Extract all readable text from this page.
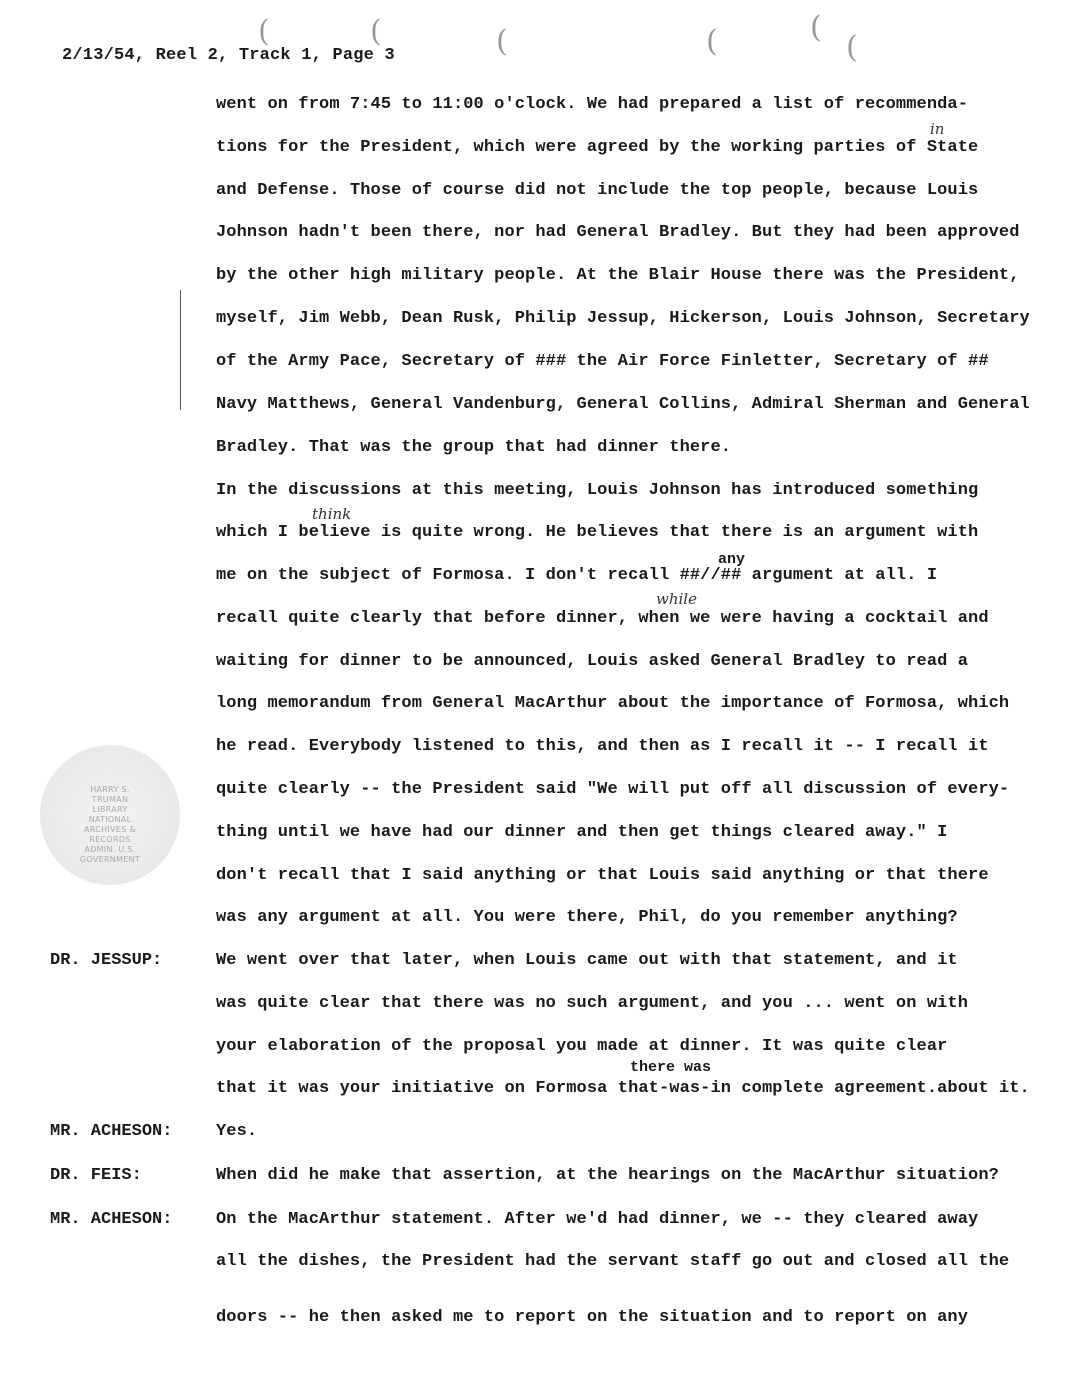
(	(	(	(	(
(
2/13/54, Reel 2, Track 1, Page 3
went on from 7:45 to 11:00 o'clock. We had prepared a list of recommenda-
tions for the President, which were agreed by the working parties of State
and Defense. Those of course did not include the top people, because Louis
Johnson hadn't been there, nor had General Bradley. But they had been approved
by the other high military people. At the Blair House there was the President,
myself, Jim Webb, Dean Rusk, Philip Jessup, Hickerson, Louis Johnson, Secretary
of the Army Pace, Secretary of ### the Air Force Finletter, Secretary of ##
Navy Matthews, General Vandenburg, General Collins, Admiral Sherman and General
Bradley. That was the group that had dinner there.
In the discussions at this meeting, Louis Johnson has introduced something
which I believe is quite wrong. He believes that there is an argument with
me on the subject of Formosa. I don't recall ##//## argument at all. I
recall quite clearly that before dinner, when we were having a cocktail and
waiting for dinner to be announced, Louis asked General Bradley to read a
long memorandum from General MacArthur about the importance of Formosa, which
he read. Everybody listened to this, and then as I recall it -- I recall it
quite clearly -- the President said "We will put off all discussion of every-
thing until we have had our dinner and then get things cleared away." I
don't recall that I said anything or that Louis said anything or that there
was any argument at all. You were there, Phil, do you remember anything?
in
think
any
while
there was
DR. JESSUP:	We went over that later, when Louis came out with that statement, and it
was quite clear that there was no such argument, and you ... went on with
your elaboration of the proposal you made at dinner. It was quite clear
that it was your initiative on Formosa that-was-in complete agreement.about it.
MR. ACHESON:	Yes.
DR. FEIS:	When did he make that assertion, at the hearings on the MacArthur situation?
MR. ACHESON:	On the MacArthur statement. After we'd had dinner, we -- they cleared away
all the dishes, the President had the servant staff go out and closed all the
doors -- he then asked me to report on the situation and to report on any
HARRY S. TRUMAN LIBRARY NATIONAL ARCHIVES & RECORDS ADMIN. U.S. GOVERNMENT
